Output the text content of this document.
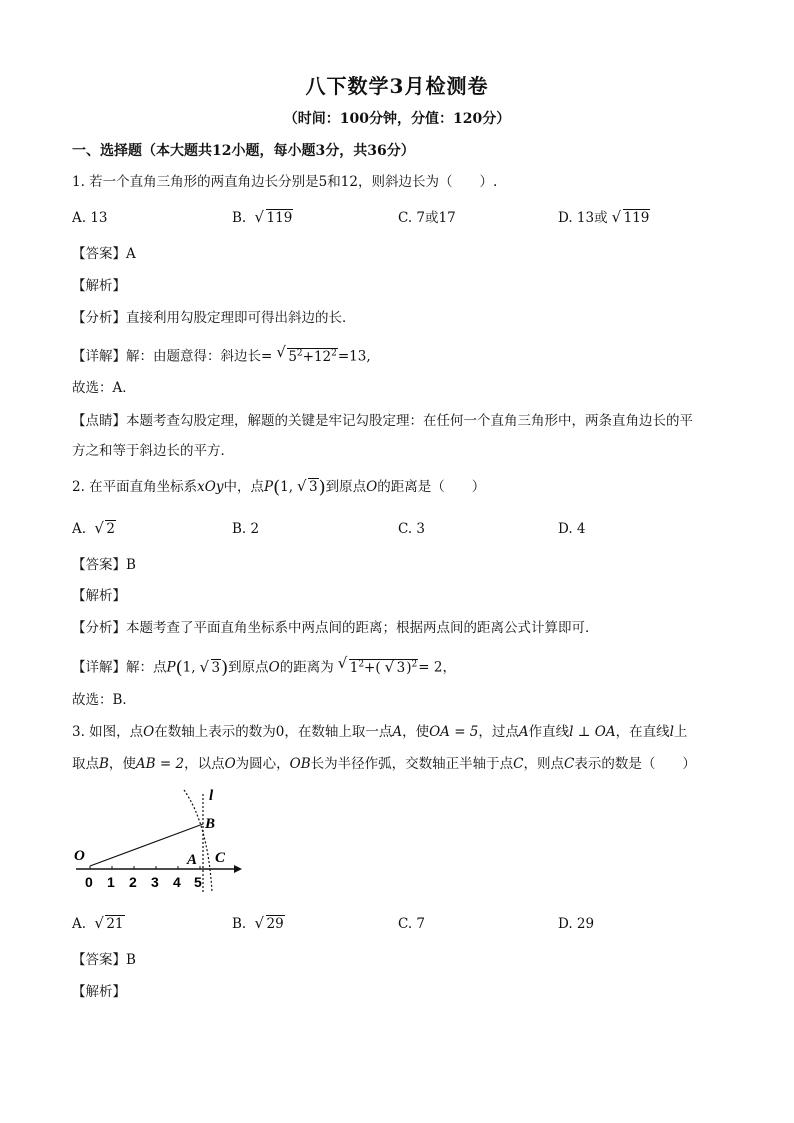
八下数学3月检测卷
（时间：100分钟，分值：120分）
一、选择题（本大题共12小题，每小题3分，共36分）
1. 若一个直角三角形的两直角边长分别是5和12，则斜边长为（　　）.
A. 13	B. √ 119	C. 7或17	D. 13或√ 119
【答案】A
【解析】
【分析】直接利用勾股定理即可得出斜边的长．
【详解】解：由题意得：斜边长=√ $5^2+12^2=13$,
故选：A．
【点睛】本题考查勾股定理，解题的关键是牢记勾股定理：在任何一个直角三角形中，两条直角边长的平
方之和等于斜边长的平方．
2. 在平面直角坐标系xOy中，点P(1,√ 3)到原点O的距离是（　　）
A. √ 2	B. 2	C. 3	D. 4
【答案】B
【解析】
【分析】本题考查了平面直角坐标系中两点间的距离；根据两点间的距离公式计算即可．
【详解】解：点P(1,√ 3)到原点O的距离为√ $1^2+(√$ 3)$^2$= 2，
故选：B．
3. 如图，点O在数轴上表示的数为0，在数轴上取一点A，使OA = 5，过点A作直线l ⊥ OA，在直线l上
取点B，使AB = 2，以点O为圆心，OB长为半径作弧，交数轴正半轴于点C，则点C表示的数是（　　）
O	A
B
C
l
0 1 2 3 4 5
A. √ 21	B. √ 29	C. 7	D. 29
【答案】B
【解析】
